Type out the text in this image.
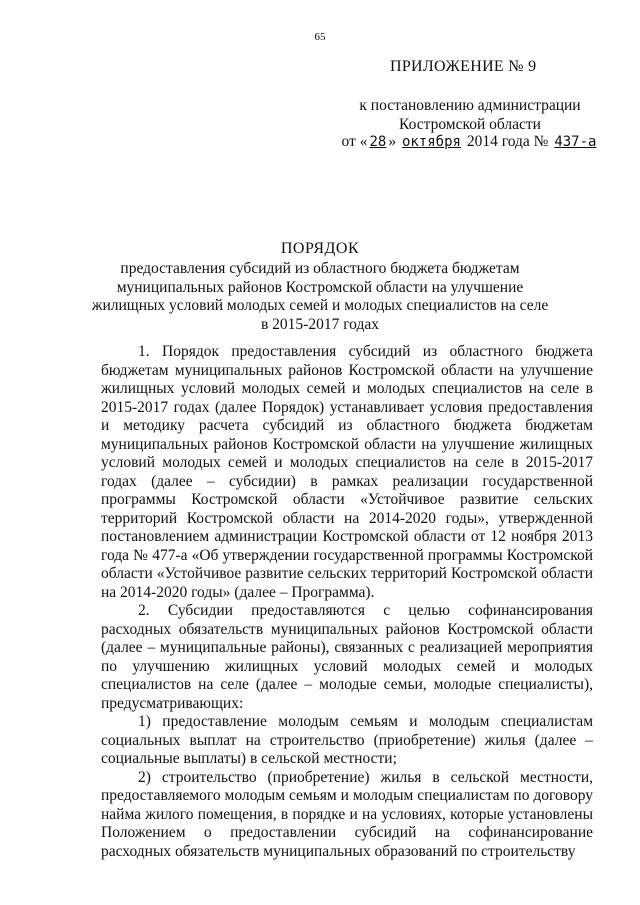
65
ПРИЛОЖЕНИЕ № 9
к постановлению администрации
Костромской области
от « 28 » октября 2014 года № 437-а
ПОРЯДОК
предоставления субсидий из областного бюджета бюджетам муниципальных районов Костромской области на улучшение жилищных условий молодых семей и молодых специалистов на селе в 2015-2017 годах

1. Порядок предоставления субсидий из областного бюджета бюджетам муниципальных районов Костромской области на улучшение жилищных условий молодых семей и молодых специалистов на селе в 2015-2017 годах (далее Порядок) устанавливает условия предоставления и методику расчета субсидий из областного бюджета бюджетам муниципальных районов Костромской области на улучшение жилищных условий молодых семей и молодых специалистов на селе в 2015-2017 годах (далее – субсидии) в рамках реализации государственной программы Костромской области «Устойчивое развитие сельских территорий Костромской области на 2014-2020 годы», утвержденной постановлением администрации Костромской области от 12 ноября 2013 года № 477-а «Об утверждении государственной программы Костромской области «Устойчивое развитие сельских территорий Костромской области на 2014-2020 годы» (далее – Программа).

2. Субсидии предоставляются с целью софинансирования расходных обязательств муниципальных районов Костромской области (далее – муниципальные районы), связанных с реализацией мероприятия по улучшению жилищных условий молодых семей и молодых специалистов на селе (далее – молодые семьи, молодые специалисты), предусматривающих:

1) предоставление молодым семьям и молодым специалистам социальных выплат на строительство (приобретение) жилья (далее – социальные выплаты) в сельской местности;

2) строительство (приобретение) жилья в сельской местности, предоставляемого молодым семьям и молодым специалистам по договору найма жилого помещения, в порядке и на условиях, которые установлены Положением о предоставлении субсидий на софинансирование расходных обязательств муниципальных образований по строительству
